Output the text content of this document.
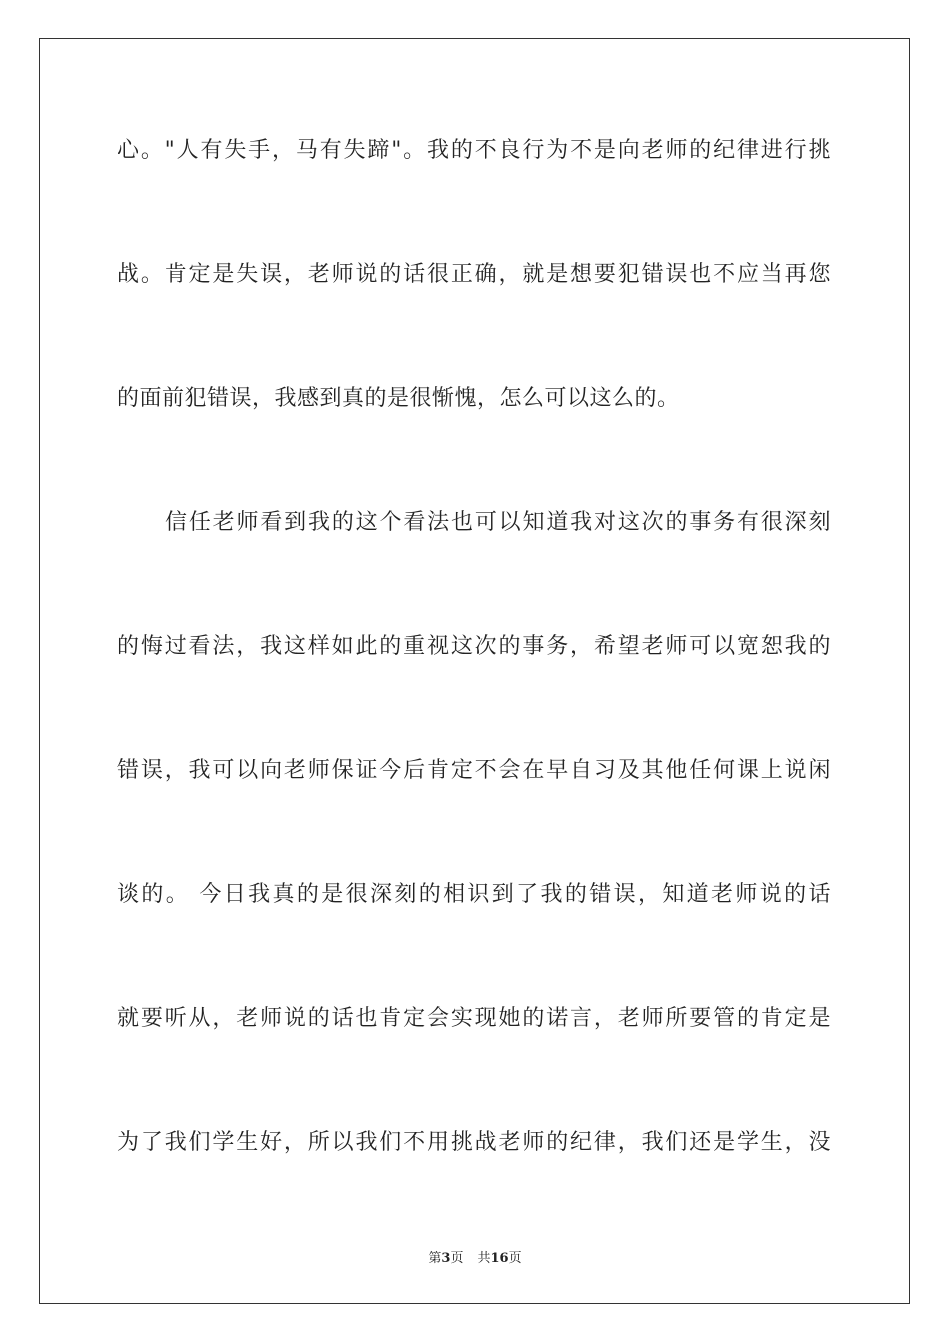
心。"人有失手，马有失蹄"。我的不良行为不是向老师的纪律进行挑
战。肯定是失误，老师说的话很正确，就是想要犯错误也不应当再您
的面前犯错误，我感到真的是很惭愧，怎么可以这么的。
信任老师看到我的这个看法也可以知道我对这次的事务有很深刻
的悔过看法，我这样如此的重视这次的事务，希望老师可以宽恕我的
错误，我可以向老师保证今后肯定不会在早自习及其他任何课上说闲
谈的。 今日我真的是很深刻的相识到了我的错误，知道老师说的话
就要听从，老师说的话也肯定会实现她的诺言，老师所要管的肯定是
为了我们学生好，所以我们不用挑战老师的纪律，我们还是学生，没
第3页 共16页
